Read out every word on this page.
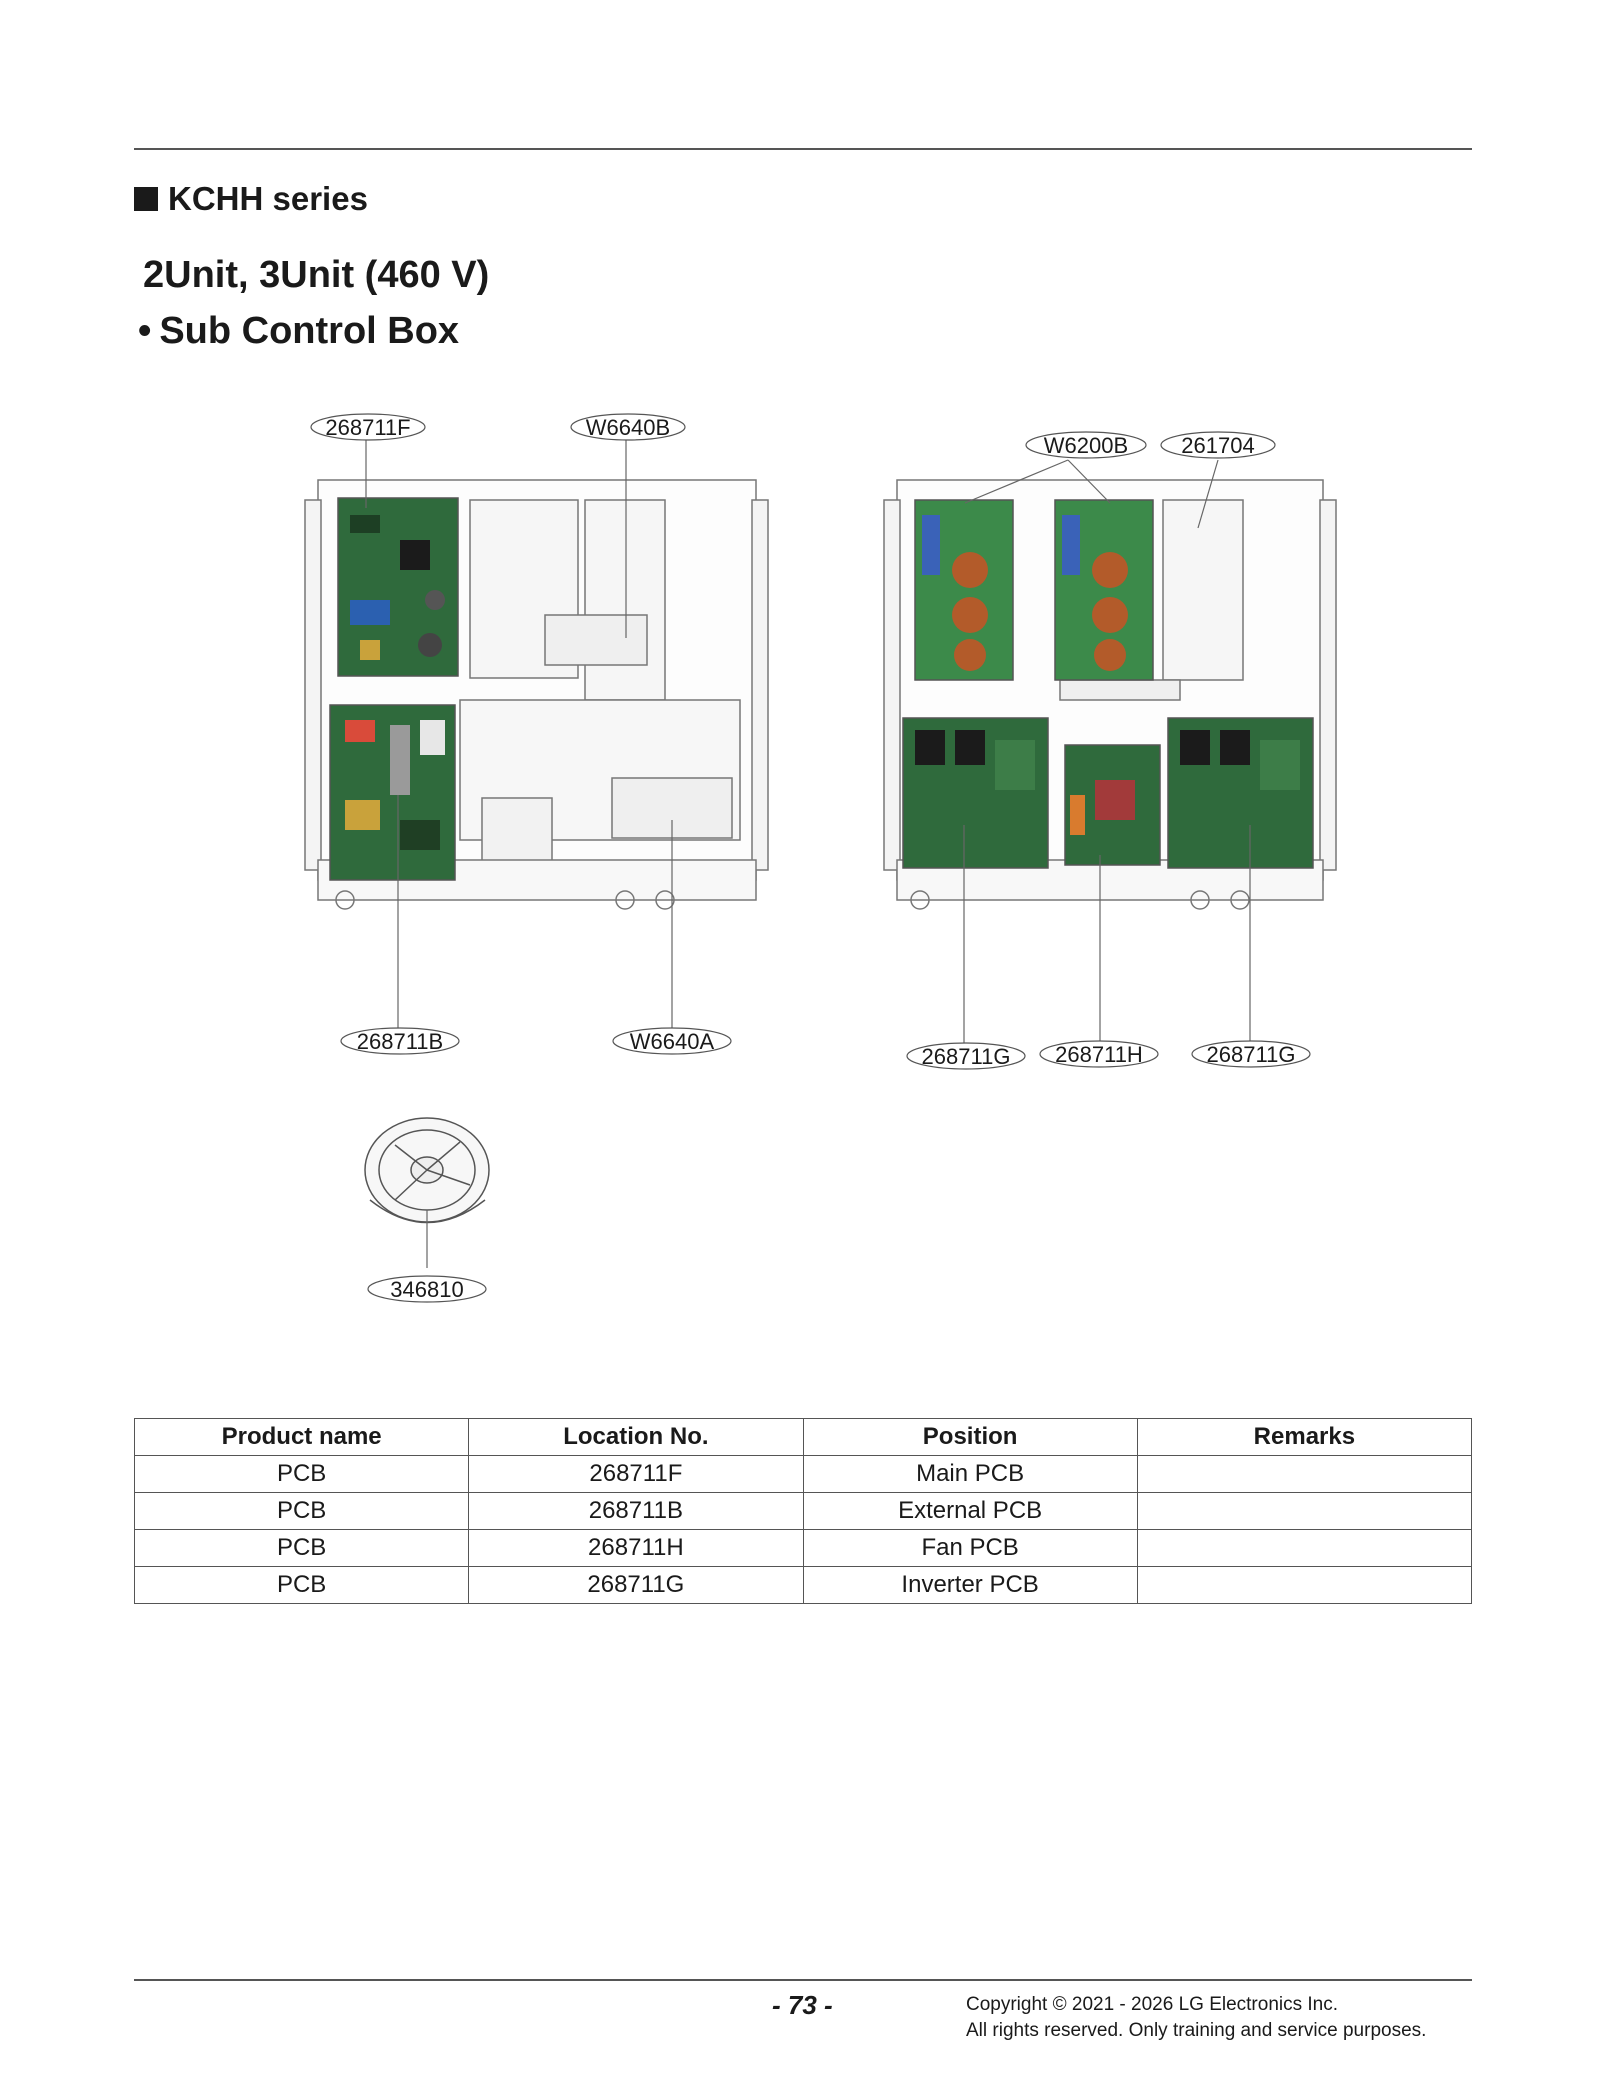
KCHH series
2Unit, 3Unit (460 V)
• Sub Control Box
268711F	W6640B
W6200B 261704
268711B	W6640A
268711G 268711H	268711G
346810
Product name	Location No.	Position	Remarks
PCB	268711F	Main PCB	
PCB	268711B	External PCB	
PCB	268711H	Fan PCB	
PCB	268711G	Inverter PCB	
- 73 -	Copyright © 2021 - 2026 LG Electronics Inc.
All rights reserved. Only training and service purposes.
